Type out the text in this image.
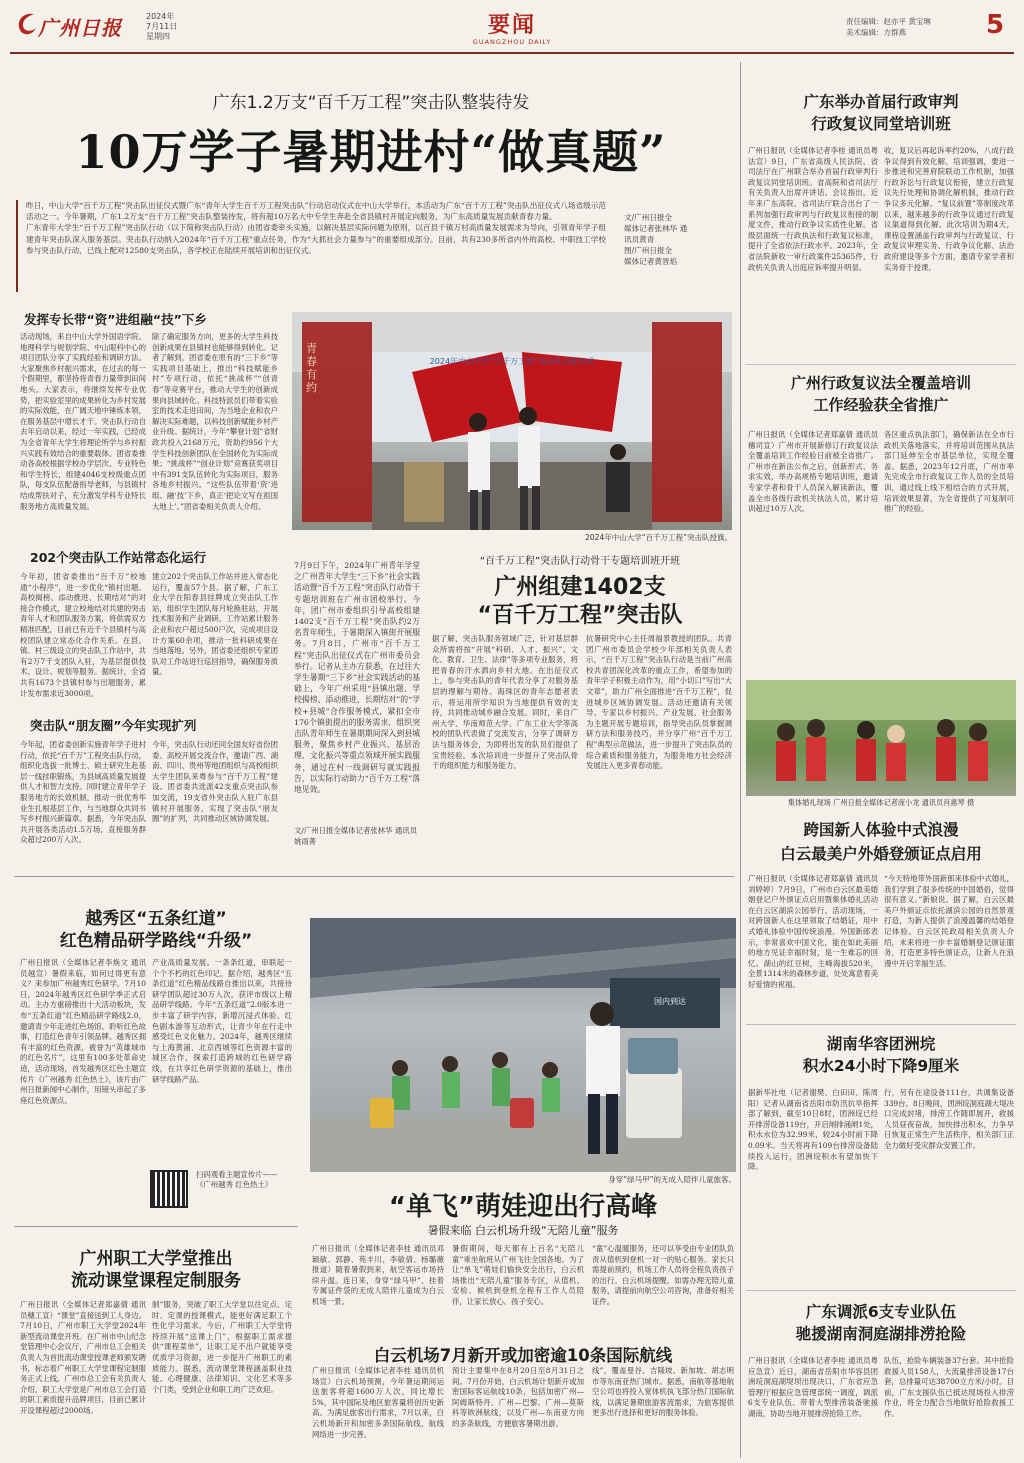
广州日报	2024年
7月11日
星期四	要闻
GUANGZHOU DAILY
责任编辑：赵亦平 黄宝琳
美术编辑：方群燕	5
广东1.2万支“百千万工程”突击队整装待发
10万学子暑期进村“做真题”
昨日，中山大学“百千万工程”突击队出征仪式暨广东“青年大学生百千万工程突击队”行动启动仪式在中山大学举行，本活动为广东“百千万工程”突击队出征仪式八场省级示范活动之一。今年暑期，广东1.2万支“百千万工程”突击队整装待发，将有超10万名大中专学生奔赴全省县镇村开展定向服务，为广东高质量发展贡献青春力量。
广东青年大学生“百千万工程”突击队行动（以下简称突击队行动）由团省委牵头实施，以解决基层实际问题为原则，以百县千镇万村高质量发展需求为导向，引领青年学子组建青年突击队深入服务基层。突击队行动纳入2024年“百千万工程”重点任务，作为“大抓社会力量参与”的重要组成部分。目前，共有230多所省内外的高校、中职技工学校参与突击队行动，已线上配对12580支突击队，各学校正在陆续开展培训和出征仪式。
文/广州日报全
媒体记者张林华 通
讯员黄青
图/广州日报全
媒体记者黄晋焰
发挥专长带“资”进组融“技”下乡
活动现场，来自中山大学外国语学院、地理科学与规划学院、中山眼科中心的项目团队分享了实践经验和调研方法。大家聚焦乡村振兴需求，在过去的每一个假期里，都坚持将青春力量带到田间地头。大家表示，将继续发挥专业优势，把实验室里的成果转化为乡村发展的实际效能，在广阔天地中锤炼本领，在服务基层中增长才干。突击队行动自去年启动以来，经过一年实践，已经成为全省青年大学生将理论所学与乡村振兴实践有效结合的重要载体。团省委推动各高校根据学校办学层次、专业特色和学生特长，组建4046支校级重点团队，每支队伍配备指导老师，与县镇村结成帮扶对子，充分激发学科专业特长服务地方高质量发展。
除了确定服务方向，更多的大学生科技创新成果在县镇村也能够得到转化。记者了解到，团省委在原有的“三下乡”等实践项目基础上，推出“科技赋能乡村”专项行动，依托“挑战杯”“创青春”等竞赛平台，推动大学生的创新成果向县域转化。科技特派员们带着实验室的技术走进田间，为当地企业和农户解决实际难题，以科技创新赋能乡村产业升级。据统计，今年“攀登计划”省财政共投入2168万元，资助约956个大学生科技创新团队在全国转化为实际成果；“挑战杯”“创业计划”竞赛获奖项目中有391支队伍转化为实际项目，服务各地乡村振兴。“这些队伍带着‘资’进组、融‘技’下乡，真正‘把论文写在祖国大地上’。”团省委相关负责人介绍。
2024年中山大学“百千万工程”突击队出征仪式
青春有约
2024年中山大学“百千万工程”突击队授旗。
202个突击队工作站常态化运行
今年初，团省委推出“百千万”校地通“小程序”，进一步优化“镇村出题、高校揭榜、添动推进、长期结对”的对接合作模式，建立校地结对共建的突击青年人才和团队服务方案，将供需双方精准匹配，目前已有近千个县镇村与高校团队建立常态化合作关系。在县、镇、村三级设立的突击队工作站中，共有2万7千支团队入驻，为基层提供技术、设计、规划等服务。据统计，全省共有1673个县镇村参与出题服务，累计发布需求近3000项。
建立202个突击队工作站并进入常态化运行，覆盖57个县。据了解，广东工业大学在阳春县挂牌成立突击队工作站，组织学生团队每月轮换驻站，开展技术服务和产业调研。工作站累计服务企业和农户超过500户次，完成项目设计方案60余项，推动一批科研成果在当地落地。另外，团省委还组织专家团队对工作站进行巡回指导，确保服务质量。
突击队“朋友圈”今年实现扩列
今年起，团省委创新实施青年学子进村行动，依托“百千万”工程突击队行动，组织化选拔一批博士、硕士研究生赴基层一线挂职锻炼，为县域高质量发展提供人才和智力支持。同时建立青年学子服务地方的长效机制，推动一批优秀毕业生扎根基层工作，与当地群众共同书写乡村振兴新篇章。据悉，今年突击队共开展各类活动1.5万场，直接服务群众超过200万人次。
今年，突击队行动还同全国友好省份团委、高校开展交流合作，邀请广西、湖南、四川、贵州等地团组织与高校组织大学生团队来粤参与“百千万工程”建设。团省委共选派42支重点突击队参加交流，19支省外突击队入驻广东县镇村开展服务，实现了突击队“朋友圈”的扩列，共同推动区域协调发展。
7月9日下午，2024年广州青年学堂之广州青年大学生“三下乡”社会实践活动暨“百千万工程”突击队行动骨干专题培训班在广州市团校举行。今年，团广州市委组织引导高校组建1402支“百千万工程”突击队约2万名青年师生，于暑期深入镇街开展服务。7月8日，广州市“百千万工程”突击队出征仪式在广州市委员会举行。记者从主办方获悉，在过往大学生暑期“三下乡”社会实践活动的基础上，今年广州采用“县镇出题、学校揭榜、添动推进、长期结对”的“学校+县城”合作服务模式，紧扣全市176个镇街提出的服务需求，组织突击队青年师生在暑期期间深入到县城服务，聚焦乡村产业振兴、基层治理、文化振兴等重点领域开展实践服务，通过在村一线调研写就实践报告，以实际行动助力“百千万工程”落地见效。
文/广州日报全媒体记者张林华 通讯员姚雨菁
“百千万工程”突击队行动骨干专题培训班开班
广州组建1402支
“百千万工程”突击队
据了解，突击队服务领域广泛，针对基层群众所需将按“开展“科研、人才、振兴”、文化、教育、卫生、法律”等多项专业服务，将把青春的汗水洒向乡村大地。在出征仪式上，参与突击队的青年代表分享了对服务基层的理解与期待。海珠区的青年志愿者表示，将运用所学知识为当地提供有效的支持，共同推动城乡融合发展。同时，来自广州大学、华南师范大学、广东工业大学等高校的团队代表做了交流发言，分享了调研方法与服务体会，为即将出发的队员们提供了宝贵经验。本次培训进一步提升了突击队骨干的组织能力和服务能力。
抗暑研究中心主任周福景教授的团队。共青团广州市委员会学校少年部相关负责人表示，“百千万工程”突击队行动是当前广州高校共青团深化改革的重点工作，希望参加的青年学子积极主动作为，用“小切口”写出“大文章”，助力广州全面推进“百千万工程”，促进城乡区域协调发展。活动还邀请有关领导、专家以乡村振兴、产业发展、社会服务为主题开展专题培训，指导突击队员掌握调研方法和服务技巧，并分享广州“百千万工程”典型示范做法，进一步提升了突击队员的综合素质和服务能力，为服务地方社会经济发展注入更多青春动能。
越秀区“五条红道”
红色精品研学路线“升级”
广州日报讯（全媒体记者李焕文 通讯员越宣）暑假来临，如何过得更有意义？来参加广州越秀红色研学。7月10日，2024年越秀区红色研学季正式启动。主办方重磅推出十大活动板块，发布“五条红道”红色精品研学路线2.0，邀请青少年走进红色场馆、聆听红色故事，打造红色青年引领品牌。越秀区拥有丰富的红色资源，被誉为“英雄城市的红色名片”，这里有100多处革命史迹，活动现场，首发越秀区红色主题宣传片《广州越秀 红色热土》，该片由广州日报新闻中心制作，用镜头串起了多座红色资源点。
产业高质量发展。一条条红道，串联起一个个不朽的红色印记。据介绍，越秀区“五条红道”红色精品线路自推出以来，共接待研学团队超过30万人次，获评市级以上精品研学线路。今年“五条红道”2.0版本进一步丰富了研学内容，新增沉浸式体验、红色剧本游等互动形式，让青少年在行走中感受红色文化魅力。2024年，越秀区继续与上海黄浦、北京西城等红色资源丰富的城区合作，探索打造跨城的红色研学路线，在共享红色研学资源的基础上，推出研学线路产品。
扫码观看主题宣传片——《广州越秀 红色热土》
广州职工大学堂推出
流动课堂课程定制服务
广州日报讯（全媒体记者郑嘉倩 通讯员穗工宣）“课堂”直接送到工人身边。7月10日，广州市职工大学堂2024年新型流动课堂开班。在广州市中山纪念堂管理中心会议厅，广州市总工会相关负责人为首批流动课堂授课老师颁发聘书，标志着广州职工大学堂课程定制服务正式上线。广州市总工会有关负责人介绍，职工大学堂是广州市总工会打造的职工素质提升品牌项目，目前已累计开设课程超过2000场。
制”服务，突破了职工大学堂以往定点、定时、定课的授课模式，能更好满足职工个性化学习需求。今后，广州职工大学堂将持续开展“送课上门”，根据职工需求提供“课程菜单”，让职工足不出户就能享受优质学习资源，进一步提升广州职工的素质能力。据悉，流动课堂课程涵盖职业技能、心理健康、法律知识、文化艺术等多个门类，受到企业和职工的广泛欢迎。
国内到达
身穿“绿马甲”的无成人陪伴儿童旅客。
“单飞”萌娃迎出行高峰
暑假来临 白云机场升级“无陪儿童”服务
广州日报讯（全媒体记者李桂 通讯员邓颖敏、郭静、苑丰川、李敏倩、杨璐薇报道）随着暑假到来，航空客运市场持续升温。连日来，身穿“绿马甲”、挂着专属证件袋的无成人陪伴儿童成为白云机场一景。
暑假期间，每天都有上百名“无陪儿童”乘坐航班从广州飞往全国各地。为了让“单飞”萌娃们愉快安全出行，白云机场推出“无陪儿童”服务专区，从值机、安检、候机到登机全程有工作人员陪伴，让家长放心、孩子安心。
“童”心温暖服务，还可以享受由专业团队负责从值机到登机一对一的贴心服务。家长只需提前预约，机场工作人员将全程负责孩子的出行。白云机场提醒，如需办理无陪儿童服务，请提前向航空公司咨询，准备好相关证件。
白云机场7月新开或加密逾10条国际航线
广州日报讯（全媒体记者李桂 通讯员机场宣）白云机场预测，今年暑运期间运送旅客将超1600万人次，同比增长5%，其中国际及地区旅客量将创历史新高。为满足旅客出行需求，7月以来，白云机场新开和加密多条国际航线，航线网络进一步完善。
预计主要集中在8月20日至8月31日之间。7月份开始，白云机场计划新开或加密国际客运航线10条，包括加密广州—阿姆斯特丹、广州—巴黎、广州—莫斯科等欧洲航线，以及广州—东南亚方向的多条航线，方便旅客暑期出游。
线”，覆盖曼谷、吉隆坡、新加坡、胡志明市等东南亚热门城市。据悉，南航等基地航空公司也将投入宽体机执飞部分热门国际航线，以满足暑期旅游客流需求，为旅客提供更多出行选择和更好的服务体验。
广东举办首届行政审判
行政复议同堂培训班
广州日报讯（全媒体记者李桂 通讯员粤法宣）9日，广东省高级人民法院、省司法厅在广州联合举办首届行政审判行政复议同堂培训班。省高院和省司法厅有关负责人出席并讲话。会议指出，近年来广东高院、省司法厅联合出台了一系列加强行政审判与行政复议衔接的制度文件，推动行政争议实质性化解。省级层面统一行政执法和行政复议标准，提升了全省依法行政水平。2023年，全省法院新收一审行政案件25365件，行政机关负责人出庭应诉率提升明显。
收，复议后再起诉率约20%，八成行政争议得到有效化解。培训强调，要进一步推进和完善府院联动工作机制，加强行政诉讼与行政复议衔接，建立行政复议先行处理和协调化解机制，推动行政争议多元化解。“复议前置”等制度改革以来，越来越多的行政争议通过行政复议渠道得到化解。此次培训为期4天，课程设置涵盖行政审判与行政复议、行政复议审理实务、行政争议化解、法治政府建设等多个方面，邀请专家学者和实务骨干授课。
广州行政复议法全覆盖培训
工作经验获全省推广
广州日报讯（全媒体记者郑嘉倩 通讯员穗司宣）广州市开展新修订行政复议法全覆盖培训工作经验日前被全省推广。广州市在新法公布之后，创新形式、务求实效，举办高规格专题培训班，邀请专家学者和骨干人员深入解读新法，覆盖全市各级行政机关执法人员，累计培训超过10万人次。
各区重点执法部门，确保新法在全市行政机关落地落实，并将培训范围从执法部门延伸至全市基层单位，实现全覆盖。据悉，2023年12月底，广州市率先完成全市行政复议工作人员的全员培训，通过线上线下相结合的方式开展，培训效果显著，为全省提供了可复制可推广的经验。
集体婚礼现场 广州日报全媒体记者庞小龙 通讯员肖惠琴 摄
跨国新人体验中式浪漫
白云最美户外婚登颁证点启用
广州日报讯（全媒体记者郑嘉倩 通讯员刘婷婷）7月9日，广州市白云区最美婚姻登记户外颁证点启用暨集体婚礼活动在白云区湖滨公园举行。活动现场，一对跨国新人在这里领取了结婚证，用中式婚礼体验中国传统浪漫。外国新郎表示，非常喜欢中国文化，能在如此美丽的地方见证幸福时刻，是一生难忘的回忆。湖山的红豆树，主峰海拔520米，全景1314米的森林步道，处处寓意着美好爱情的祝福。
“今天特地带外国新郎来体验中式婚礼，我们学到了很多传统的中国婚俗，觉得很有意义。”新娘说。据了解，白云区最美户外颁证点依托湖滨公园的自然景观打造，为新人提供了浪漫温馨的结婚登记体验。白云区民政局相关负责人介绍，未来将进一步丰富婚姻登记颁证服务，打造更多特色颁证点，让新人在浪漫中开启幸福生活。
湖南华容团洲垸
积水24小时下降9厘米
据新华社电（记者谢樊、白田田、陈周阳）记者从湖南省岳阳市防汛抗旱指挥部了解到，截至10日8时，团洲垸已经开排涝设备119台，开启闸排涌闸1处，积水水位为32.99米，较24小时前下降0.09米。当天将再有109台排涝设备陆续投入运行，团洲垸积水有望加快下降。
行，另有在途设备111台，共调集设备339台。8日晚间，团洲垸洞庭湖大堤决口完成封堵，排涝工作随即展开，救援人员昼夜奋战，加快排出积水，力争早日恢复正常生产生活秩序，相关部门正全力做好受灾群众安置工作。
广东调派6支专业队伍
驰援湖南洞庭湖排涝抢险
广州日报讯（全媒体记者李桂 通讯员粤应急宣）近日，湖南省岳阳市华容县团洲垸洞庭湖堤坝出现决口，广东省应急管理厅根据应急管理部统一调度，调派6支专业队伍、带着大型排涝装备驰援湖南，协助当地开展排涝抢险工作。
队伍，抢险车辆装备37台套。其中抢险救援人员158人，大流量排涝设备17台套，总排量可达38700立方米/小时。目前，广东支援队伍已抵达现场投入排涝作业，将全力配合当地做好抢险救援工作。
